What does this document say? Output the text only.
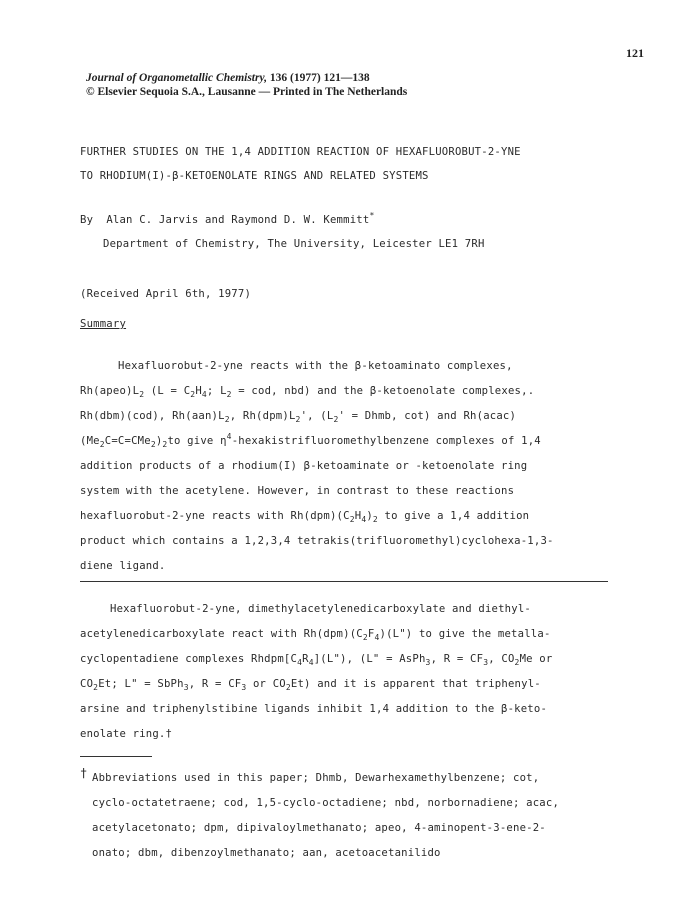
121
Journal of Organometallic Chemistry, 136 (1977) 121—138
© Elsevier Sequoia S.A., Lausanne — Printed in The Netherlands
FURTHER STUDIES ON THE 1,4 ADDITION REACTION OF HEXAFLUOROBUT-2-YNE
TO RHODIUM(I)-β-KETOENOLATE RINGS AND RELATED SYSTEMS
By Alan C. Jarvis and Raymond D. W. Kemmitt*
Department of Chemistry, The University, Leicester LE1 7RH
(Received April 6th, 1977)
Summary
Hexafluorobut-2-yne reacts with the β-ketoaminato complexes,
$Rh(apeo)L_2$ ($L = C_2H_4$; $L_2$ = cod, nbd) and the β-ketoenolate complexes,.
Rh(dbm)(cod), $Rh(aan)L_2$, $Rh(dpm)L_2'$, ($L_2'$ = Dhmb, cot) and Rh(acac)
$(Me_2C=C=CMe_2)_2to$ give $\eta^4$-hexakistrifluoromethylbenzene complexes of 1,4
addition products of a rhodium(I) β-ketoaminate or -ketoenolate ring
system with the acetylene. However, in contrast to these reactions
hexafluorobut-2-yne reacts with $Rh(dpm)(C_2H_4)_2$ to give a 1,4 addition
product which contains a 1,2,3,4 tetrakis(trifluoromethyl)cyclohexa-1,3-
diene ligand.
Hexafluorobut-2-yne, dimethylacetylenedicarboxylate and diethyl-
acetylenedicarboxylate react with $Rh(dpm)(C_2F_4)(L")$ to give the metalla-
cyclopentadiene complexes $Rhdpm[C_4R_4](L")$, (L" = AsPh$_3$, $R = CF_3$, $CO_2Me$ or
$CO_2Et$; L" = SbPh$_3$, $R = CF_3$ or $CO_2Et$) and it is apparent that triphenyl-
arsine and triphenylstibine ligands inhibit 1,4 addition to the β-keto-
enolate ring.†
† Abbreviations used in this paper; Dhmb, Dewarhexamethylbenzene; cot,
cyclo-octatetraene; cod, 1,5-cyclo-octadiene; nbd, norbornadiene; acac,
acetylacetonato; dpm, dipivaloylmethanato; apeo, 4-aminopent-3-ene-2-
onato; dbm, dibenzoylmethanato; aan, acetoacetanilido
